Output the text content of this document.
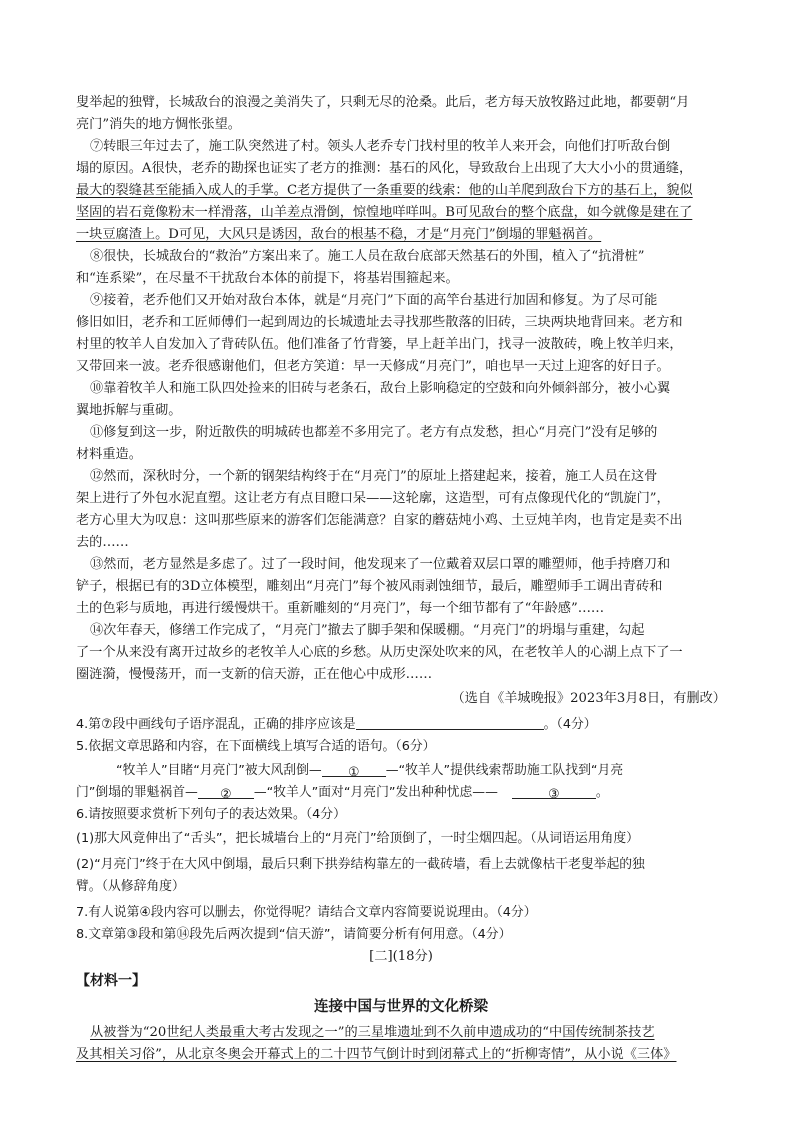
叟举起的独臂，长城敌台的浪漫之美消失了，只剩无尽的沧桑。此后，老方每天放牧路过此地，都要朝“月
亮门”消失的地方惆怅张望。
⑦转眼三年过去了，施工队突然进了村。领头人老乔专门找村里的牧羊人来开会，向他们打听敌台倒
塌的原因。A很快，老乔的勘探也证实了老方的推测：基石的风化，导致敌台上出现了大大小小的贯通缝，
最大的裂缝甚至能插入成人的手掌。C老方提供了一条重要的线索：他的山羊爬到敌台下方的基石上，貌似
坚固的岩石竟像粉末一样滑落，山羊差点滑倒，惊惶地咩咩叫。B可见敌台的整个底盘，如今就像是建在了
一块豆腐渣上。D可见，大风只是诱因，敌台的根基不稳，才是“月亮门”倒塌的罪魁祸首。
⑧很快，长城敌台的“救治”方案出来了。施工人员在敌台底部天然基石的外围，植入了“抗滑桩”
和“连系梁”，在尽量不干扰敌台本体的前提下，将基岩围箍起来。
⑨接着，老乔他们又开始对敌台本体，就是“月亮门”下面的高竿台基进行加固和修复。为了尽可能
修旧如旧，老乔和工匠师傅们一起到周边的长城遗址去寻找那些散落的旧砖，三块两块地背回来。老方和
村里的牧羊人自发加入了背砖队伍。他们准备了竹背篓，早上赶羊出门，找寻一波散砖，晚上牧羊归来，
又带回来一波。老乔很感谢他们，但老方笑道：早一天修成“月亮门”，咱也早一天过上迎客的好日子。
⑩靠着牧羊人和施工队四处捡来的旧砖与老条石，敌台上影响稳定的空鼓和向外倾斜部分，被小心翼
翼地拆解与重砌。
⑪修复到这一步，附近散佚的明城砖也都差不多用完了。老方有点发愁，担心“月亮门”没有足够的
材料重造。
⑫然而，深秋时分，一个新的钢架结构终于在“月亮门”的原址上搭建起来，接着，施工人员在这骨
架上进行了外包水泥直塑。这让老方有点目瞪口呆——这轮廓，这造型，可有点像现代化的“凯旋门”，
老方心里大为叹息：这叫那些原来的游客们怎能满意？自家的蘑菇炖小鸡、土豆炖羊肉，也肯定是卖不出
去的……
⑬然而，老方显然是多虑了。过了一段时间，他发现来了一位戴着双层口罩的雕塑师，他手持磨刀和
铲子，根据已有的3D立体模型，雕刻出“月亮门”每个被风雨剥蚀细节，最后，雕塑师手工调出青砖和
土的色彩与质地，再进行缓慢烘干。重新雕刻的“月亮门”，每一个细节都有了“年龄感”……
⑭次年春天，修缮工作完成了，“月亮门”撤去了脚手架和保暖棚。“月亮门”的坍塌与重建，勾起
了一个从来没有离开过故乡的老牧羊人心底的乡愁。从历史深处吹来的风，在老牧羊人的心湖上点下了一
圈涟漪，慢慢荡开，而一支新的信天游，正在他心中成形……
（选自《羊城晚报》2023年3月8日，有删改）
4.第⑦段中画线句子语序混乱，正确的排序应该是	。（4分）
5.依据文章思路和内容，在下面横线上填写合适的语句。（6分）
“牧羊人”目睹“月亮门”被大风刮倒— ① —“牧羊人”提供线索帮助施工队找到“月亮
门”倒塌的罪魁祸首— ② —“牧羊人”面对“月亮门”发出种种忧虑——	③	。
6.请按照要求赏析下列句子的表达效果。（4分）
(1)那大风竟伸出了“舌头”，把长城墙台上的“月亮门”给顶倒了，一时尘烟四起。（从词语运用角度）
(2)“月亮门”终于在大风中倒塌，最后只剩下拱券结构靠左的一截砖墙，看上去就像枯干老叟举起的独
臂。（从修辞角度）
7.有人说第④段内容可以删去，你觉得呢？请结合文章内容简要说说理由。（4分）
8.文章第③段和第⑭段先后两次提到“信天游”，请简要分析有何用意。（4分）
[二](18分)
【材料一】
连接中国与世界的文化桥梁
从被誉为“20世纪人类最重大考古发现之一”的三星堆遗址到不久前申遗成功的“中国传统制茶技艺
及其相关习俗”，从北京冬奥会开幕式上的二十四节气倒计时到闭幕式上的“折柳寄情”，从小说《三体》
